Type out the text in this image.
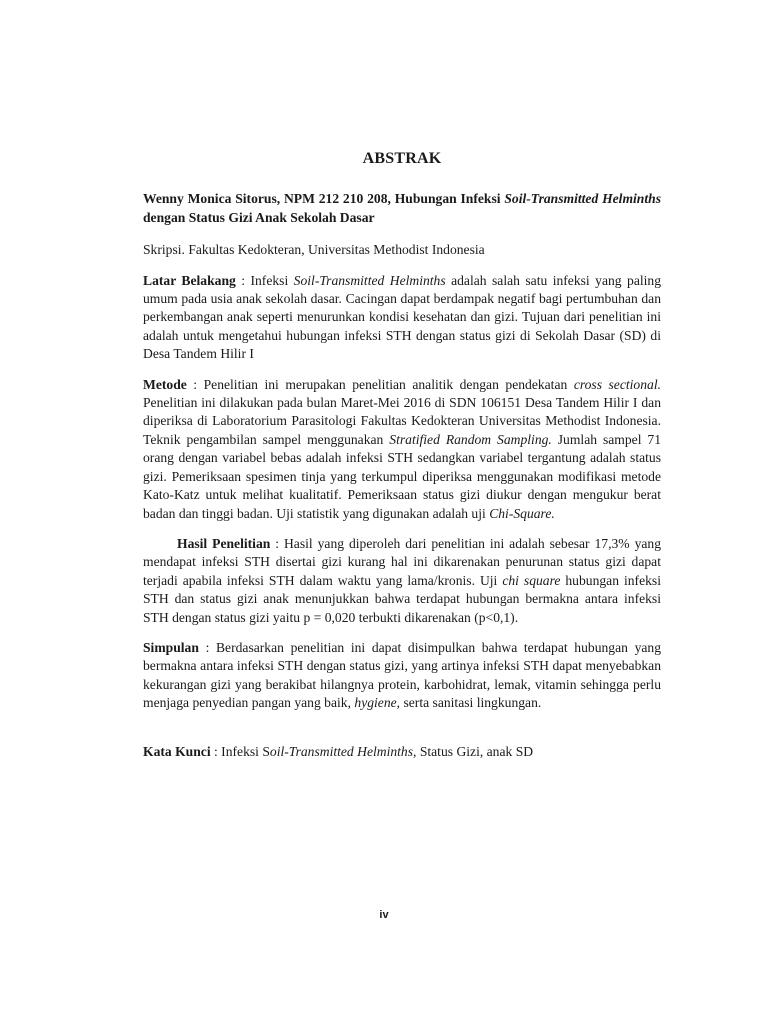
ABSTRAK

Wenny Monica Sitorus, NPM 212 210 208, Hubungan Infeksi Soil-Transmitted Helminths dengan Status Gizi Anak Sekolah Dasar

Skripsi. Fakultas Kedokteran, Universitas Methodist Indonesia

Latar Belakang : Infeksi Soil-Transmitted Helminths adalah salah satu infeksi yang paling umum pada usia anak sekolah dasar. Cacingan dapat berdampak negatif bagi pertumbuhan dan perkembangan anak seperti menurunkan kondisi kesehatan dan gizi. Tujuan dari penelitian ini adalah untuk mengetahui hubungan infeksi STH dengan status gizi di Sekolah Dasar (SD) di Desa Tandem Hilir I

Metode : Penelitian ini merupakan penelitian analitik dengan pendekatan cross sectional. Penelitian ini dilakukan pada bulan Maret-Mei 2016 di SDN 106151 Desa Tandem Hilir I dan diperiksa di Laboratorium Parasitologi Fakultas Kedokteran Universitas Methodist Indonesia. Teknik pengambilan sampel menggunakan Stratified Random Sampling. Jumlah sampel 71 orang dengan variabel bebas adalah infeksi STH sedangkan variabel tergantung adalah status gizi. Pemeriksaan spesimen tinja yang terkumpul diperiksa menggunakan modifikasi metode Kato-Katz untuk melihat kualitatif. Pemeriksaan status gizi diukur dengan mengukur berat badan dan tinggi badan. Uji statistik yang digunakan adalah uji Chi-Square.

Hasil Penelitian : Hasil yang diperoleh dari penelitian ini adalah sebesar 17,3% yang mendapat infeksi STH disertai gizi kurang hal ini dikarenakan penurunan status gizi dapat terjadi apabila infeksi STH dalam waktu yang lama/kronis. Uji chi square hubungan infeksi STH dan status gizi anak menunjukkan bahwa terdapat hubungan bermakna antara infeksi STH dengan status gizi yaitu p = 0,020 terbukti dikarenakan (p<0,1).

Simpulan : Berdasarkan penelitian ini dapat disimpulkan bahwa terdapat hubungan yang bermakna antara infeksi STH dengan status gizi, yang artinya infeksi STH dapat menyebabkan kekurangan gizi yang berakibat hilangnya protein, karbohidrat, lemak, vitamin sehingga perlu menjaga penyedian pangan yang baik, hygiene, serta sanitasi lingkungan.

Kata Kunci : Infeksi Soil-Transmitted Helminths, Status Gizi, anak SD

iv
